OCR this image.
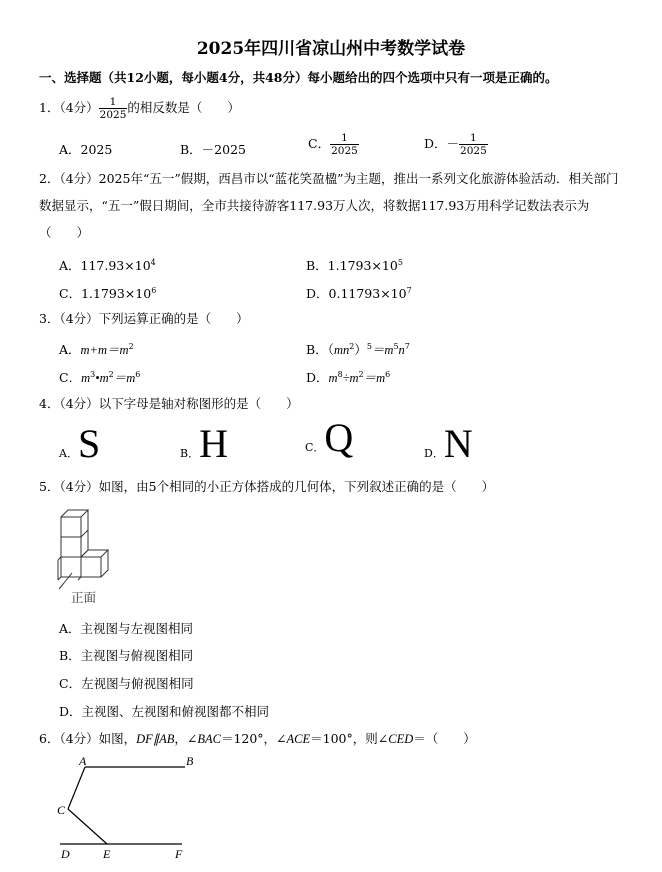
2025年四川省凉山州中考数学试卷
一、选择题（共12小题，每小题4分，共48分）每小题给出的四个选项中只有一项是正确的。
1．（4分） $\frac{1}{2025}$ 的相反数是（　　）
A．2025	B．－2025	C． $\frac{1}{2025}$	D．－ $\frac{1}{2025}$
2．（4分）2025年“五一”假期，西昌市以“蓝花笑盈楹”为主题，推出一系列文化旅游体验活动．相关部门数据显示，“五一”假日期间，全市共接待游客117.93万人次，将数据117.93万用科学记数法表示为（　　）
A．$117.93\times 10^4$	B．$1.1793\times 10^5$
C．$1.1793\times 10^6$	D．$0.11793\times 10^7$
3．（4分）下列运算正确的是（　　）
A．$m+m=m^2$	B．$(mn^2)^5=m^5n^7$
C．$m^3•m^2=m^6$	D．$m^8\div m^2=m^6$
4．（4分）以下字母是轴对称图形的是（　　）
A．S	B．H	C．Q	D．N
5．（4分）如图，由5个相同的小正方体搭成的几何体，下列叙述正确的是（　　）
正面
A．主视图与左视图相同
B．主视图与俯视图相同
C．左视图与俯视图相同
D．主视图、左视图和俯视图都不相同
6．（4分）如图，DF∥AB，∠BAC＝120°，∠ACE＝100°，则∠CED＝（　　）
A	B
C
D	E	F
